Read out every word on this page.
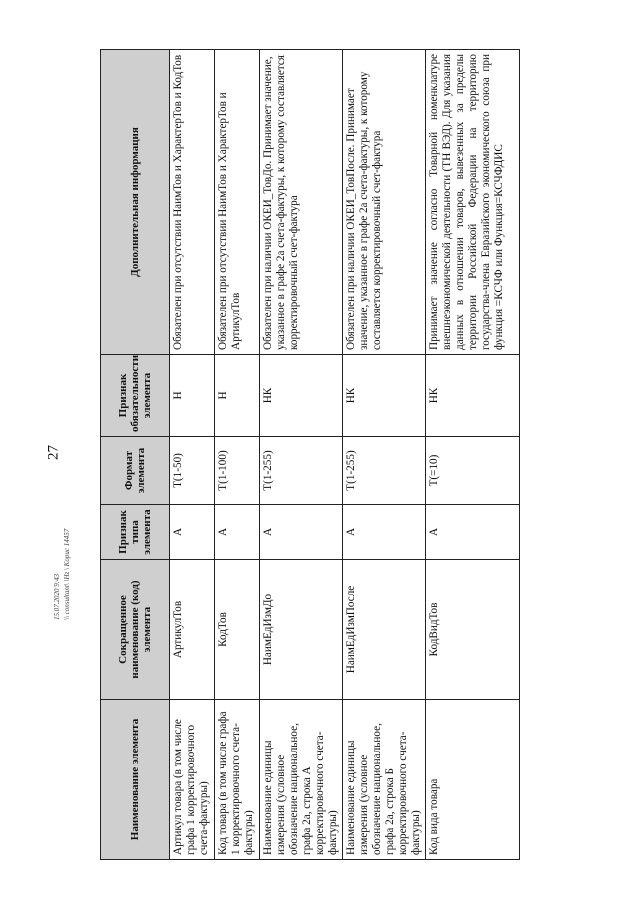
27
15.07.2020 9:43 \\ consultant\ \Hz \ Kopuc 14457
Наименование элемента	Сокращенное наименование (код) элемента	Признак типа элемента	Формат элемента	Признак обязательности элемента	Дополнительная информация
Артикул товара (в том числе графа 1 корректировочного счета-фактуры)	АртикулТов	А	T(1-50)	Н	Обязателен при отсутствии НаимТов и ХарактерТов и КодТов
Код товара (в том числе графа 1 корректировочного счета-фактуры)	КодТов	А	T(1-100)	Н	Обязателен при отсутствии НаимТов и ХарактерТов и АртикулТов
Наименование единицы измерения (условное обозначение национальное, графа 2а, строка А корректировочного счета-фактуры)	НаимЕдИзмДо	А	T(1-255)	НК	Обязателен при наличии ОКЕИ_ТовДо. Принимает значение, указанное в графе 2а счета-фактуры, к которому составляется корректировочный счет-фактура
Наименование единицы измерения (условное обозначение национальное, графа 2а, строка Б корректировочного счета-фактуры)	НаимЕдИзмПосле	А	T(1-255)	НК	Обязателен при наличии ОКЕИ_ТовПосле. Принимает значение, указанное в графе 2а счета-фактуры, к которому составляется корректировочный счет-фактура
Код вида товара	КодВидТов	А	T(=10)	НК	Принимает значение согласно Товарной номенклатуре внешнеэкономической деятельности (ТН ВЭД). Для указания данных в отношении товаров, вывезенных за пределы территории Российской Федерации на территорию государства-члена Евразийского экономического союза при функция =КСЧФ или Функция=КСЧФДИС
